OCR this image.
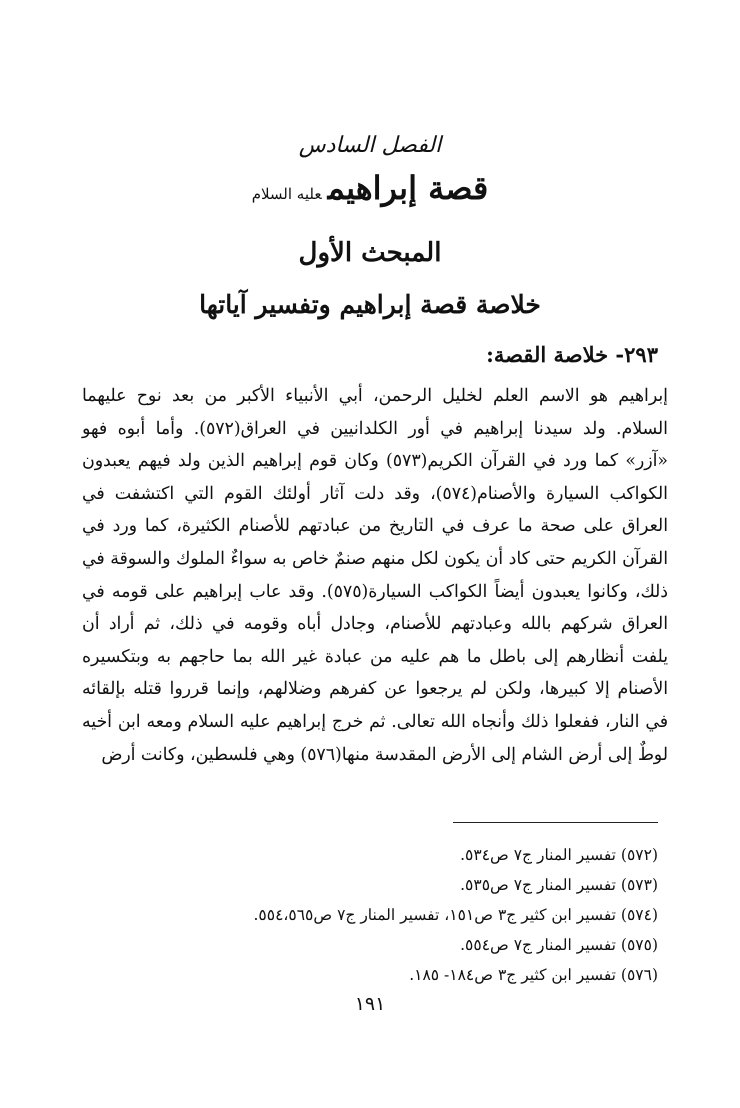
الفصل السادس
قصة إبراهيمعليه السلام
المبحث الأول
خلاصة قصة إبراهيم وتفسير آياتها
٢٩٣- خلاصة القصة:
إبراهيم هو الاسم العلم لخليل الرحمن، أبي الأنبياء الأكبر من بعد نوح عليهما
السلام. ولد سيدنا إبراهيم في أور الكلدانيين في العراق(٥٧٢). وأما أبوه فهو
«آزر» كما ورد في القرآن الكريم(٥٧٣) وكان قوم إبراهيم الذين ولد فيهم يعبدون
الكواكب السيارة والأصنام(٥٧٤)، وقد دلت آثار أولئك القوم التي اكتشفت في
العراق على صحة ما عرف في التاريخ من عبادتهم للأصنام الكثيرة، كما ورد في
القرآن الكريم حتى كاد أن يكون لكل منهم صنمٌ خاص به سواءٌ الملوك والسوقة في
ذلك، وكانوا يعبدون أيضاً الكواكب السيارة(٥٧٥). وقد عاب إبراهيم على قومه في
العراق شركهم بالله وعبادتهم للأصنام، وجادل أباه وقومه في ذلك، ثم أراد أن
يلفت أنظارهم إلى باطل ما هم عليه من عبادة غير الله بما حاجهم به وبتكسيره
الأصنام إلا كبيرها، ولكن لم يرجعوا عن كفرهم وضلالهم، وإنما قرروا قتله بإلقائه
في النار، ففعلوا ذلك وأنجاه الله تعالى. ثم خرج إبراهيم عليه السلام ومعه ابن أخيه
لوطٌ إلى أرض الشام إلى الأرض المقدسة منها(٥٧٦) وهي فلسطين، وكانت أرض
(٥٧٢) تفسير المنار ج٧ ص٥٣٤.
(٥٧٣) تفسير المنار ج٧ ص٥٣٥.
(٥٧٤) تفسير ابن كثير ج٣ ص١٥١، تفسير المنار ج٧ ص٥٥٤،٥٦٥.
(٥٧٥) تفسير المنار ج٧ ص٥٥٤.
(٥٧٦) تفسير ابن كثير ج٣ ص١٨٤- ١٨٥.
١٩١
